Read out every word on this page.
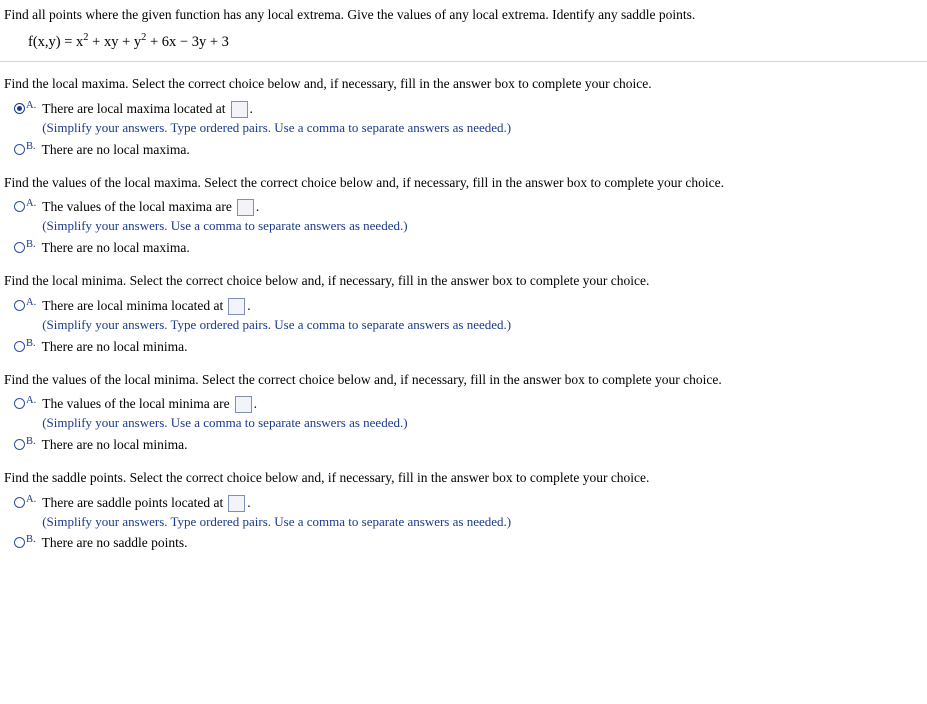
Find all points where the given function has any local extrema. Give the values of any local extrema. Identify any saddle points.
$f(x,y) = x^2$ + xy + $y^2 + 6x - 3y + 3$
Find the local maxima. Select the correct choice below and, if necessary, fill in the answer box to complete your choice.
A. There are local maxima located at .
(Simplify your answers. Type ordered pairs. Use a comma to separate answers as needed.)
B. There are no local maxima.
Find the values of the local maxima. Select the correct choice below and, if necessary, fill in the answer box to complete your choice.
A. The values of the local maxima are .
(Simplify your answers. Use a comma to separate answers as needed.)
B. There are no local maxima.
Find the local minima. Select the correct choice below and, if necessary, fill in the answer box to complete your choice.
A. There are local minima located at .
(Simplify your answers. Type ordered pairs. Use a comma to separate answers as needed.)
B. There are no local minima.
Find the values of the local minima. Select the correct choice below and, if necessary, fill in the answer box to complete your choice.
A. The values of the local minima are .
(Simplify your answers. Use a comma to separate answers as needed.)
B. There are no local minima.
Find the saddle points. Select the correct choice below and, if necessary, fill in the answer box to complete your choice.
A. There are saddle points located at .
(Simplify your answers. Type ordered pairs. Use a comma to separate answers as needed.)
B. There are no saddle points.
